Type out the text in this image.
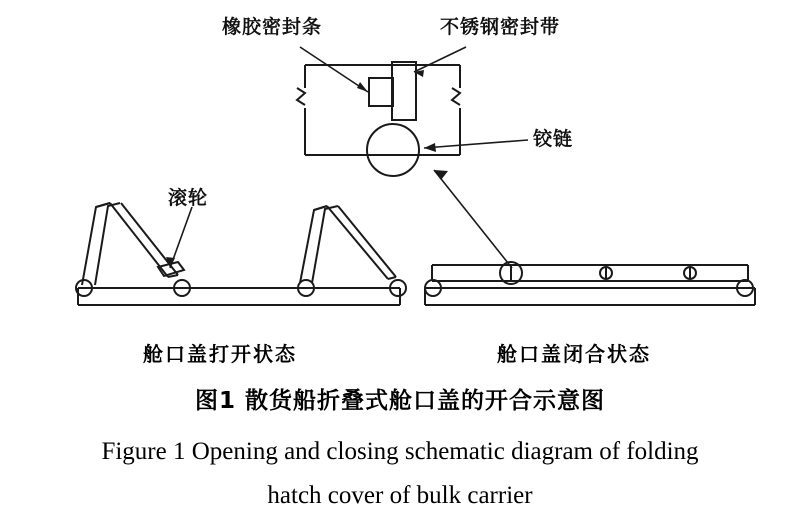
橡胶密封条	不锈钢密封带
铰链
滚轮
舱口盖打开状态	舱口盖闭合状态
图1 散货船折叠式舱口盖的开合示意图
Figure 1 Opening and closing schematic diagram of folding
hatch cover of bulk carrier
